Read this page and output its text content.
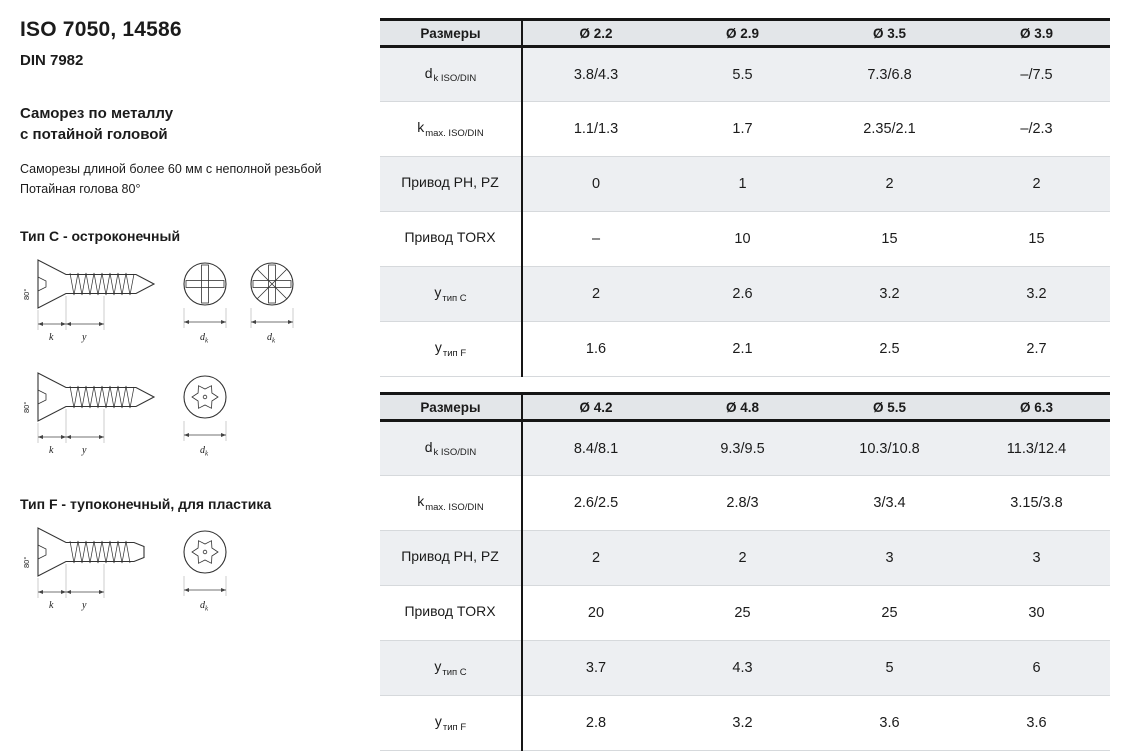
ISO 7050, 14586
DIN 7982
Саморез по металлу
с потайной головой

Саморезы длиной более 60 мм с неполной резьбой

Потайная голова 80°

Тип C - остроконечный
k	y
80°
$d_k$	$d_k$
k	y
80°
$d_k$
Тип F - тупоконечный, для пластика
k	y
80°
$d_k$
Размеры	Ø 2.2	Ø 2.9	Ø 3.5	Ø 3.9
$d_{k ISO/DIN}$	3.8/4.3	5.5	7.3/6.8	–/7.5
$k_{max. ISO/DIN}$	1.1/1.3	1.7	2.35/2.1	–/2.3
Привод PH, PZ	0	1	2	2
Привод TORX	–	10	15	15
$y_{тип C}$	2	2.6	3.2	3.2
$y_{тип F}$	1.6	2.1	2.5	2.7
Размеры	Ø 4.2	Ø 4.8	Ø 5.5	Ø 6.3
$d_{k ISO/DIN}$	8.4/8.1	9.3/9.5	10.3/10.8	11.3/12.4
$k_{max. ISO/DIN}$	2.6/2.5	2.8/3	3/3.4	3.15/3.8
Привод PH, PZ	2	2	3	3
Привод TORX	20	25	25	30
$y_{тип C}$	3.7	4.3	5	6
$y_{тип F}$	2.8	3.2	3.6	3.6
